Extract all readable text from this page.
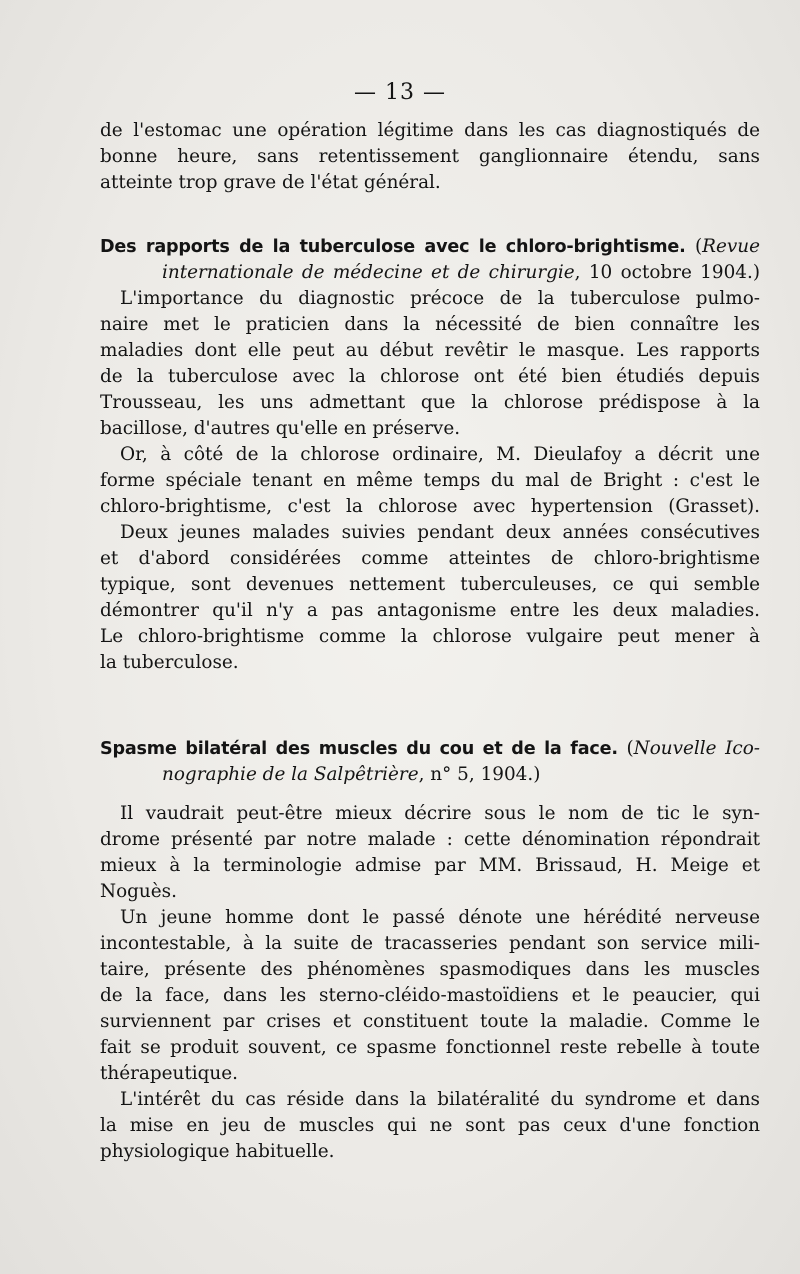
— 13 —
de l'estomac une opération légitime dans les cas diagnostiqués de
bonne heure, sans retentissement ganglionnaire étendu, sans
atteinte trop grave de l'état général.
Des rapports de la tuberculose avec le chloro-brightisme. (Revue
internationale de médecine et de chirurgie, 10 octobre 1904.)
L'importance du diagnostic précoce de la tuberculose pulmo-
naire met le praticien dans la nécessité de bien connaître les
maladies dont elle peut au début revêtir le masque. Les rapports
de la tuberculose avec la chlorose ont été bien étudiés depuis
Trousseau, les uns admettant que la chlorose prédispose à la
bacillose, d'autres qu'elle en préserve.
Or, à côté de la chlorose ordinaire, M. Dieulafoy a décrit une
forme spéciale tenant en même temps du mal de Bright : c'est le
chloro-brightisme, c'est la chlorose avec hypertension (Grasset).
Deux jeunes malades suivies pendant deux années consécutives
et d'abord considérées comme atteintes de chloro-brightisme
typique, sont devenues nettement tuberculeuses, ce qui semble
démontrer qu'il n'y a pas antagonisme entre les deux maladies.
Le chloro-brightisme comme la chlorose vulgaire peut mener à
la tuberculose.
Spasme bilatéral des muscles du cou et de la face. (Nouvelle Ico-
nographie de la Salpêtrière, n° 5, 1904.)
Il vaudrait peut-être mieux décrire sous le nom de tic le syn-
drome présenté par notre malade : cette dénomination répondrait
mieux à la terminologie admise par MM. Brissaud, H. Meige et
Noguès.
Un jeune homme dont le passé dénote une hérédité nerveuse
incontestable, à la suite de tracasseries pendant son service mili-
taire, présente des phénomènes spasmodiques dans les muscles
de la face, dans les sterno-cléido-mastoïdiens et le peaucier, qui
surviennent par crises et constituent toute la maladie. Comme le
fait se produit souvent, ce spasme fonctionnel reste rebelle à toute
thérapeutique.
L'intérêt du cas réside dans la bilatéralité du syndrome et dans
la mise en jeu de muscles qui ne sont pas ceux d'une fonction
physiologique habituelle.
